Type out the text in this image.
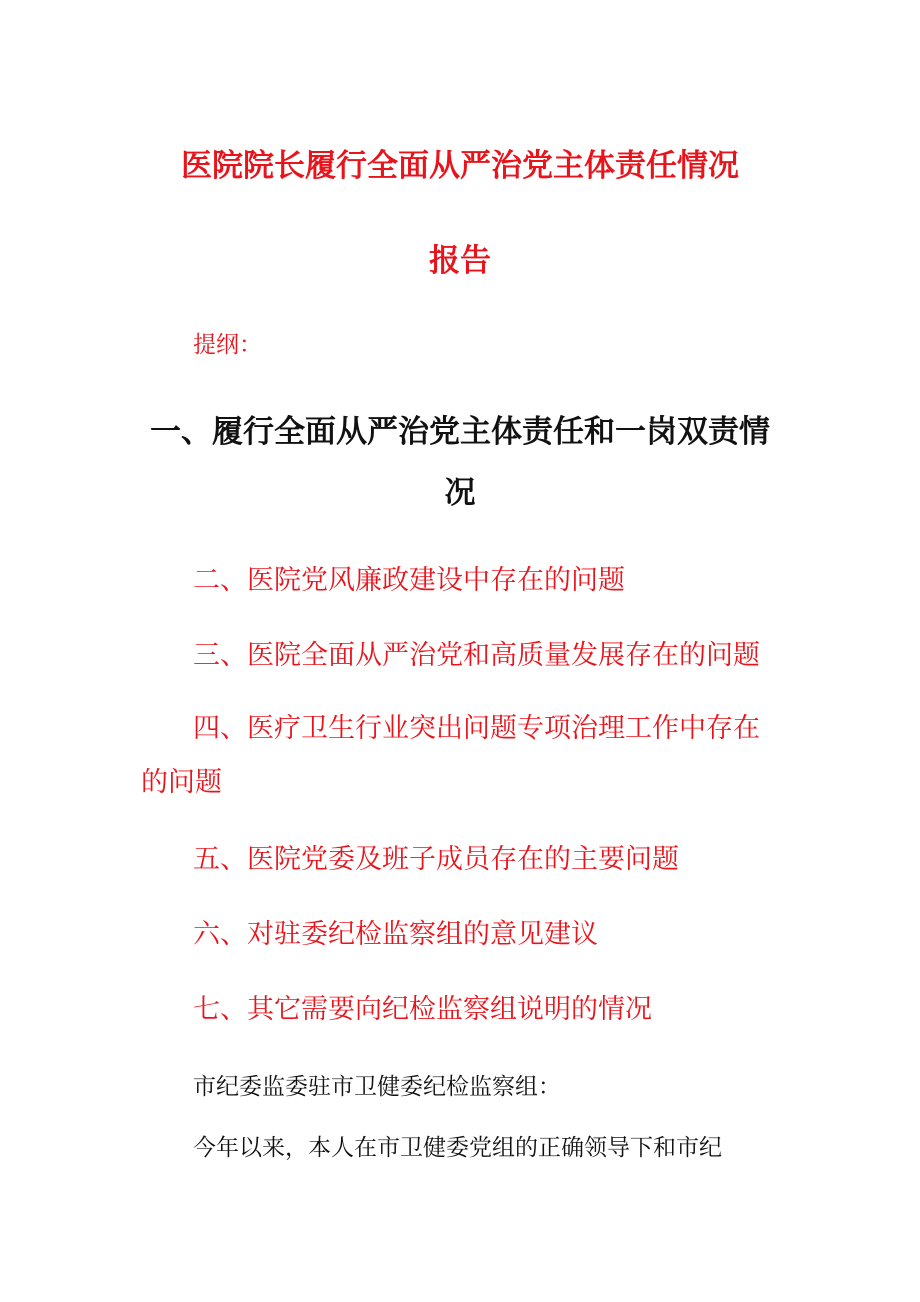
医院院长履行全面从严治党主体责任情况
报告
提纲：
一、履行全面从严治党主体责任和一岗双责情
况
二、医院党风廉政建设中存在的问题
三、医院全面从严治党和高质量发展存在的问题
四、医疗卫生行业突出问题专项治理工作中存在
的问题
五、医院党委及班子成员存在的主要问题
六、对驻委纪检监察组的意见建议
七、其它需要向纪检监察组说明的情况
市纪委监委驻市卫健委纪检监察组：
今年以来，本人在市卫健委党组的正确领导下和市纪
